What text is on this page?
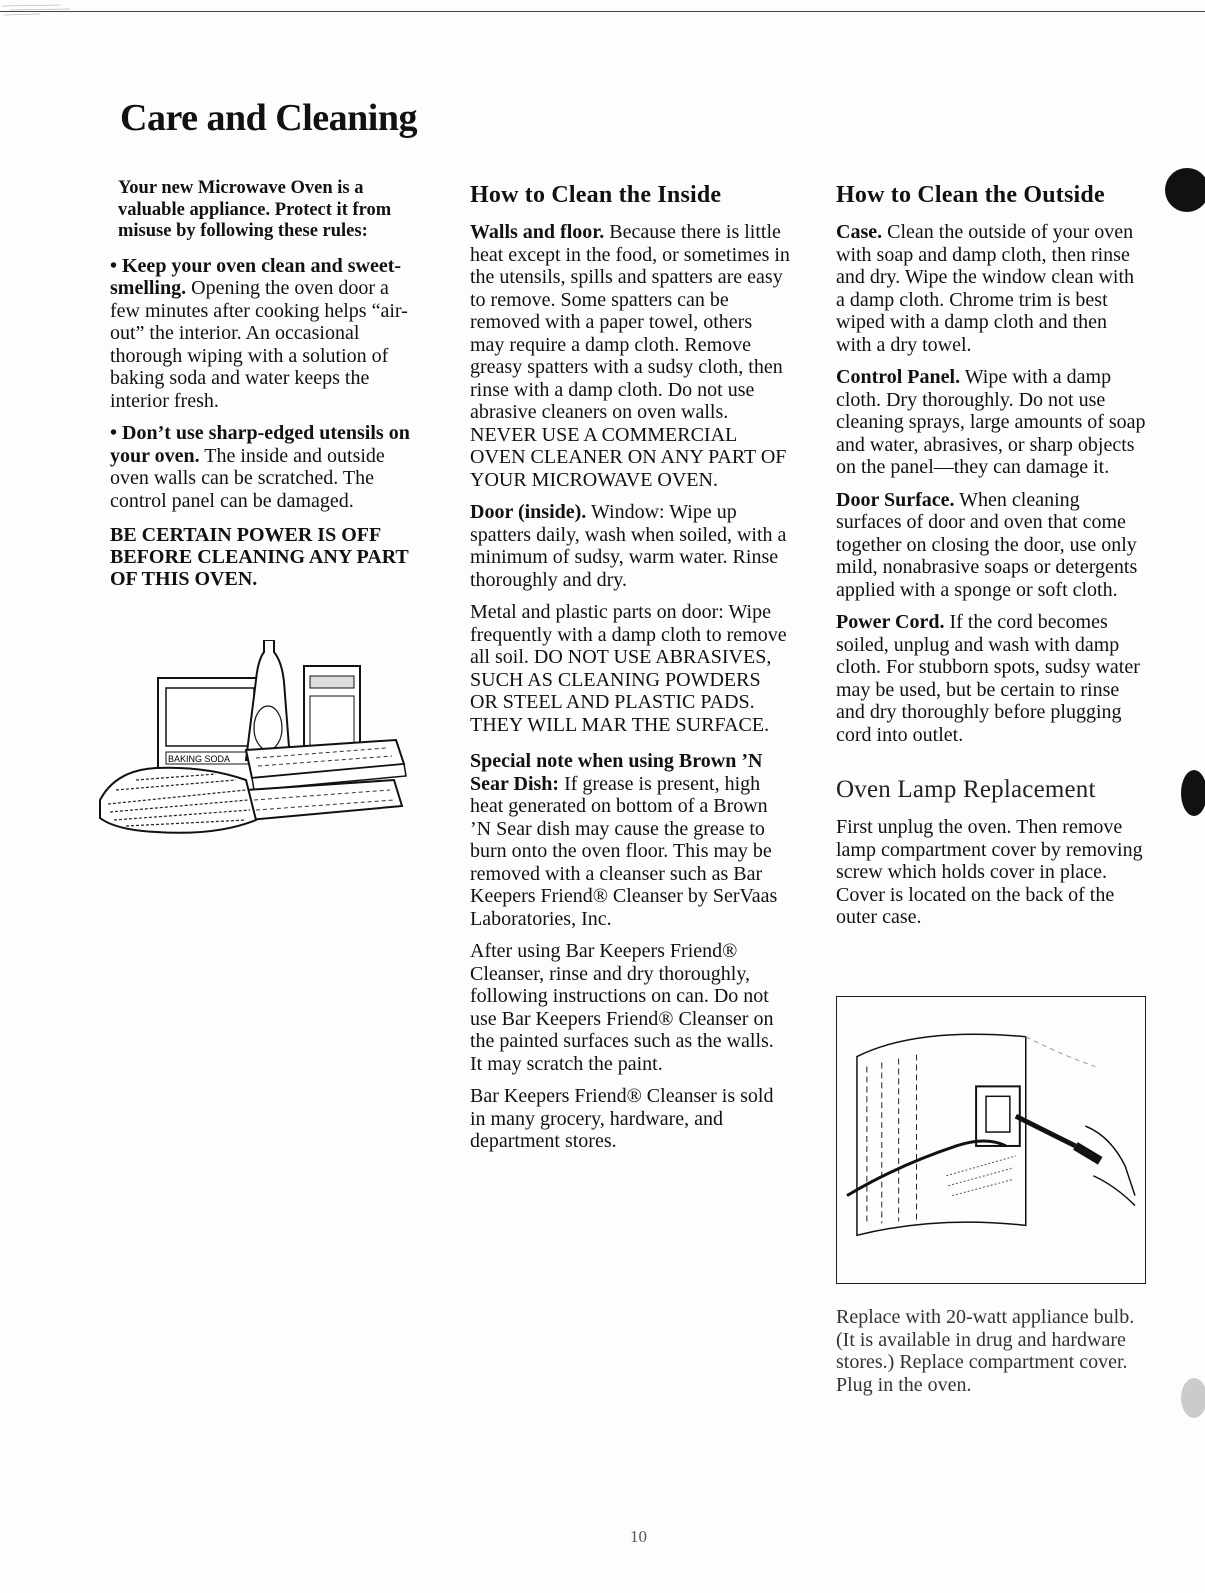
Care and Cleaning

Your new Microwave Oven is a valuable appliance. Protect it from misuse by following these rules:

• Keep your oven clean and sweet-smelling. Opening the oven door a few minutes after cooking helps “air-out” the interior. An occasional thorough wiping with a solution of baking soda and water keeps the interior fresh.

• Don’t use sharp-edged utensils on your oven. The inside and outside oven walls can be scratched. The control panel can be damaged.

BE CERTAIN POWER IS OFF BEFORE CLEANING ANY PART OF THIS OVEN.

BAKING SODA
How to Clean the Inside

Walls and floor. Because there is little heat except in the food, or sometimes in the utensils, spills and spatters are easy to remove. Some spatters can be removed with a paper towel, others may require a damp cloth. Remove greasy spatters with a sudsy cloth, then rinse with a damp cloth. Do not use abrasive cleaners on oven walls. NEVER USE A COMMERCIAL OVEN CLEANER ON ANY PART OF YOUR MICROWAVE OVEN.

Door (inside). Window: Wipe up spatters daily, wash when soiled, with a minimum of sudsy, warm water. Rinse thoroughly and dry.

Metal and plastic parts on door: Wipe frequently with a damp cloth to remove all soil. DO NOT USE ABRASIVES, SUCH AS CLEANING POWDERS OR STEEL AND PLASTIC PADS. THEY WILL MAR THE SURFACE.

Special note when using Brown ’N Sear Dish: If grease is present, high heat generated on bottom of a Brown ’N Sear dish may cause the grease to burn onto the oven floor. This may be removed with a cleanser such as Bar Keepers Friend® Cleanser by SerVaas Laboratories, Inc.

After using Bar Keepers Friend® Cleanser, rinse and dry thoroughly, following instructions on can. Do not use Bar Keepers Friend® Cleanser on the painted surfaces such as the walls. It may scratch the paint.

Bar Keepers Friend® Cleanser is sold in many grocery, hardware, and department stores.

How to Clean the Outside

Case. Clean the outside of your oven with soap and damp cloth, then rinse and dry. Wipe the window clean with a damp cloth. Chrome trim is best wiped with a damp cloth and then with a dry towel.

Control Panel. Wipe with a damp cloth. Dry thoroughly. Do not use cleaning sprays, large amounts of soap and water, abrasives, or sharp objects on the panel—they can damage it.

Door Surface. When cleaning surfaces of door and oven that come together on closing the door, use only mild, nonabrasive soaps or detergents applied with a sponge or soft cloth.

Power Cord. If the cord becomes soiled, unplug and wash with damp cloth. For stubborn spots, sudsy water may be used, but be certain to rinse and dry thoroughly before plugging cord into outlet.

Oven Lamp Replacement

First unplug the oven. Then remove lamp compartment cover by removing screw which holds cover in place. Cover is located on the back of the outer case.

Replace with 20-watt appliance bulb. (It is available in drug and hardware stores.) Replace compartment cover. Plug in the oven.

10
